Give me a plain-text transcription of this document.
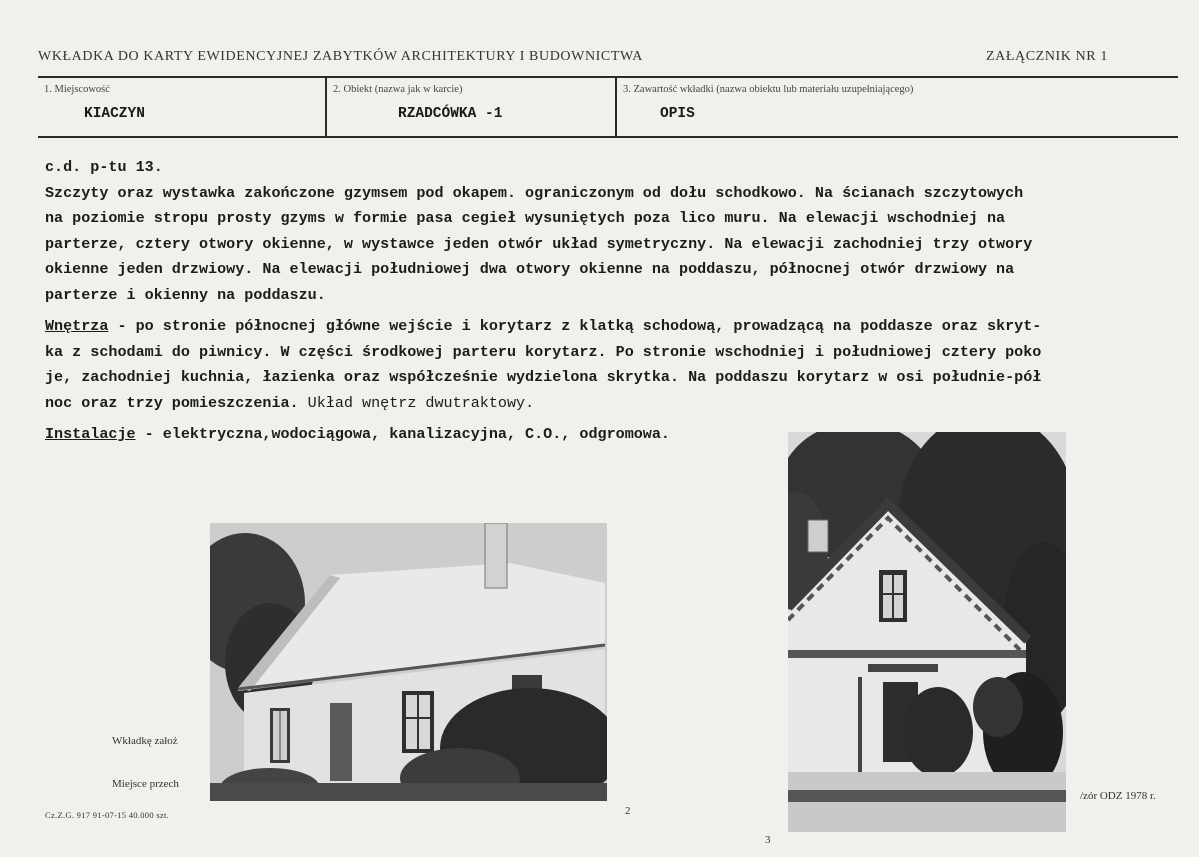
WKŁADKA DO KARTY EWIDENCYJNEJ ZABYTKÓW ARCHITEKTURY I BUDOWNICTWA	ZAŁĄCZNIK NR 1
1. Miejscowość
KIACZYN
2. Obiekt (nazwa jak w karcie)
RZADCÓWKA -1
3. Zawartość wkładki (nazwa obiektu lub materiału uzupełniającego)
OPIS

c.d. p-tu 13.

Szczyty oraz wystawka zakończone gzymsem pod okapem. ograniczonym od dołu schodkowo. Na ścianach szczytowych

na poziomie stropu prosty gzyms w formie pasa cegieł wysuniętych poza lico muru. Na elewacji wschodniej na

parterze, cztery otwory okienne, w wystawce jeden otwór układ symetryczny. Na elewacji zachodniej trzy otwory

okienne jeden drzwiowy. Na elewacji południowej dwa otwory okienne na poddaszu, północnej otwór drzwiowy na

parterze i okienny na poddaszu.

Wnętrza - po stronie północnej główne wejście i korytarz z klatką schodową, prowadzącą na poddasze oraz skryt-

ka z schodami do piwnicy. W części środkowej parteru korytarz. Po stronie wschodniej i południowej cztery poko

je, zachodniej kuchnia, łazienka oraz współcześnie wydzielona skrytka. Na poddaszu korytarz w osi południe-pół

noc oraz trzy pomieszczenia. Układ wnętrz dwutraktowy.

Instalacje - elektryczna,wodociągowa, kanalizacyjna, C.O., odgromowa.

Wkładkę założ
Miejsce przech
Cz.Z.G. 917 91-07-15 40.000 szt.	2
3
/zór ODZ 1978 r.
